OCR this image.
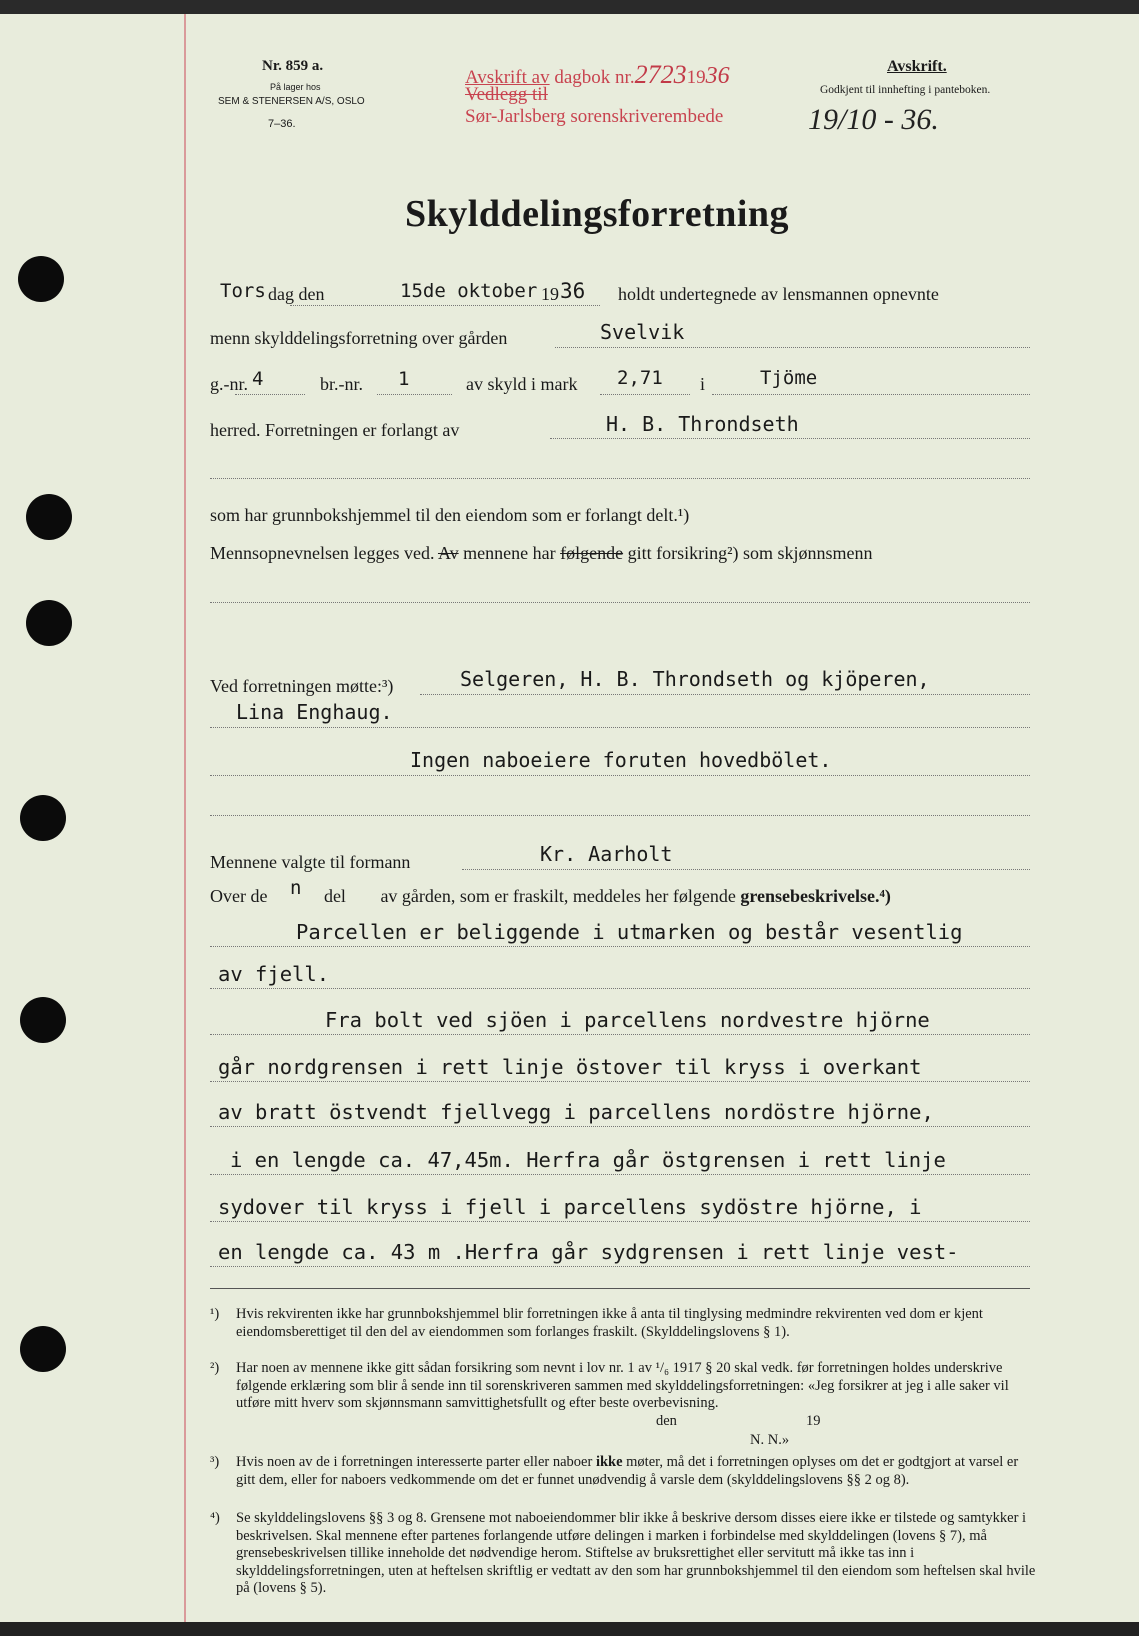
Nr. 859 a.
På lager hos
SEM & STENERSEN A/S, OSLO
7–36.
Avskrift av dagbok nr.27231936
Vedlegg til
Sør-Jarlsberg sorenskriverembede
Avskrift.
Godkjent til innhefting i panteboken.
19/10 - 36.
Skylddelingsforretning
Tors dag den	15de oktober 19 36 holdt undertegnede av lensmannen opnevnte
menn skylddelingsforretning over gården	Svelvik
g.-nr. 4	br.-nr. 1	av skyld i mark 2,71 i	Tjöme
herred. Forretningen er forlangt av	H. B. Throndseth
som har grunnbokshjemmel til den eiendom som er forlangt delt.¹)
Mennsopnevnelsen legges ved. Av mennene har følgende gitt forsikring²) som skjønnsmenn
Ved forretningen møtte:³)	Selgeren, H. B. Throndseth og kjöperen,
Lina Enghaug.
Ingen naboeiere foruten hovedbölet.
Mennene valgte til formann	Kr. Aarholt
Over de n del av gården, som er fraskilt, meddeles her følgende grensebeskrivelse.⁴)
Parcellen er beliggende i utmarken og består vesentlig
av fjell.
Fra bolt ved sjöen i parcellens nordvestre hjörne
går nordgrensen i rett linje östover til kryss i overkant
av bratt östvendt fjellvegg i parcellens nordöstre hjörne,
i en lengde ca. 47,45m. Herfra går östgrensen i rett linje
sydover til kryss i fjell i parcellens sydöstre hjörne, i
en lengde ca. 43 m .Herfra går sydgrensen i rett linje vest-
¹) Hvis rekvirenten ikke har grunnbokshjemmel blir forretningen ikke å anta til tinglysing medmindre rekvirenten ved dom er kjent eiendomsberettiget til den del av eiendommen som forlanges fraskilt. (Skylddelingslovens § 1).
²) Har noen av mennene ikke gitt sådan forsikring som nevnt i lov nr. 1 av ¹/₆ 1917 § 20 skal vedk. før forretningen holdes underskrive følgende erklæring som blir å sende inn til sorenskriveren sammen med skylddelingsforretningen: «Jeg forsikrer at jeg i alle saker vil utføre mitt hverv som skjønnsmann samvittighetsfullt og efter beste overbevisning.
den	19
N. N.»
³) Hvis noen av de i forretningen interesserte parter eller naboer ikke møter, må det i forretningen oplyses om det er godtgjort at varsel er gitt dem, eller for naboers vedkommende om det er funnet unødvendig å varsle dem (skylddelingslovens §§ 2 og 8).
⁴) Se skylddelingslovens §§ 3 og 8. Grensene mot naboeiendommer blir ikke å beskrive dersom disses eiere ikke er tilstede og samtykker i beskrivelsen. Skal mennene efter partenes forlangende utføre delingen i marken i forbindelse med skylddelingen (lovens § 7), må grensebeskrivelsen tillike inneholde det nødvendige herom. Stiftelse av bruksrettighet eller servitutt må ikke tas inn i skylddelingsforretningen, uten at heftelsen skriftlig er vedtatt av den som har grunnbokshjemmel til den eiendom som heftelsen skal hvile på (lovens § 5).
